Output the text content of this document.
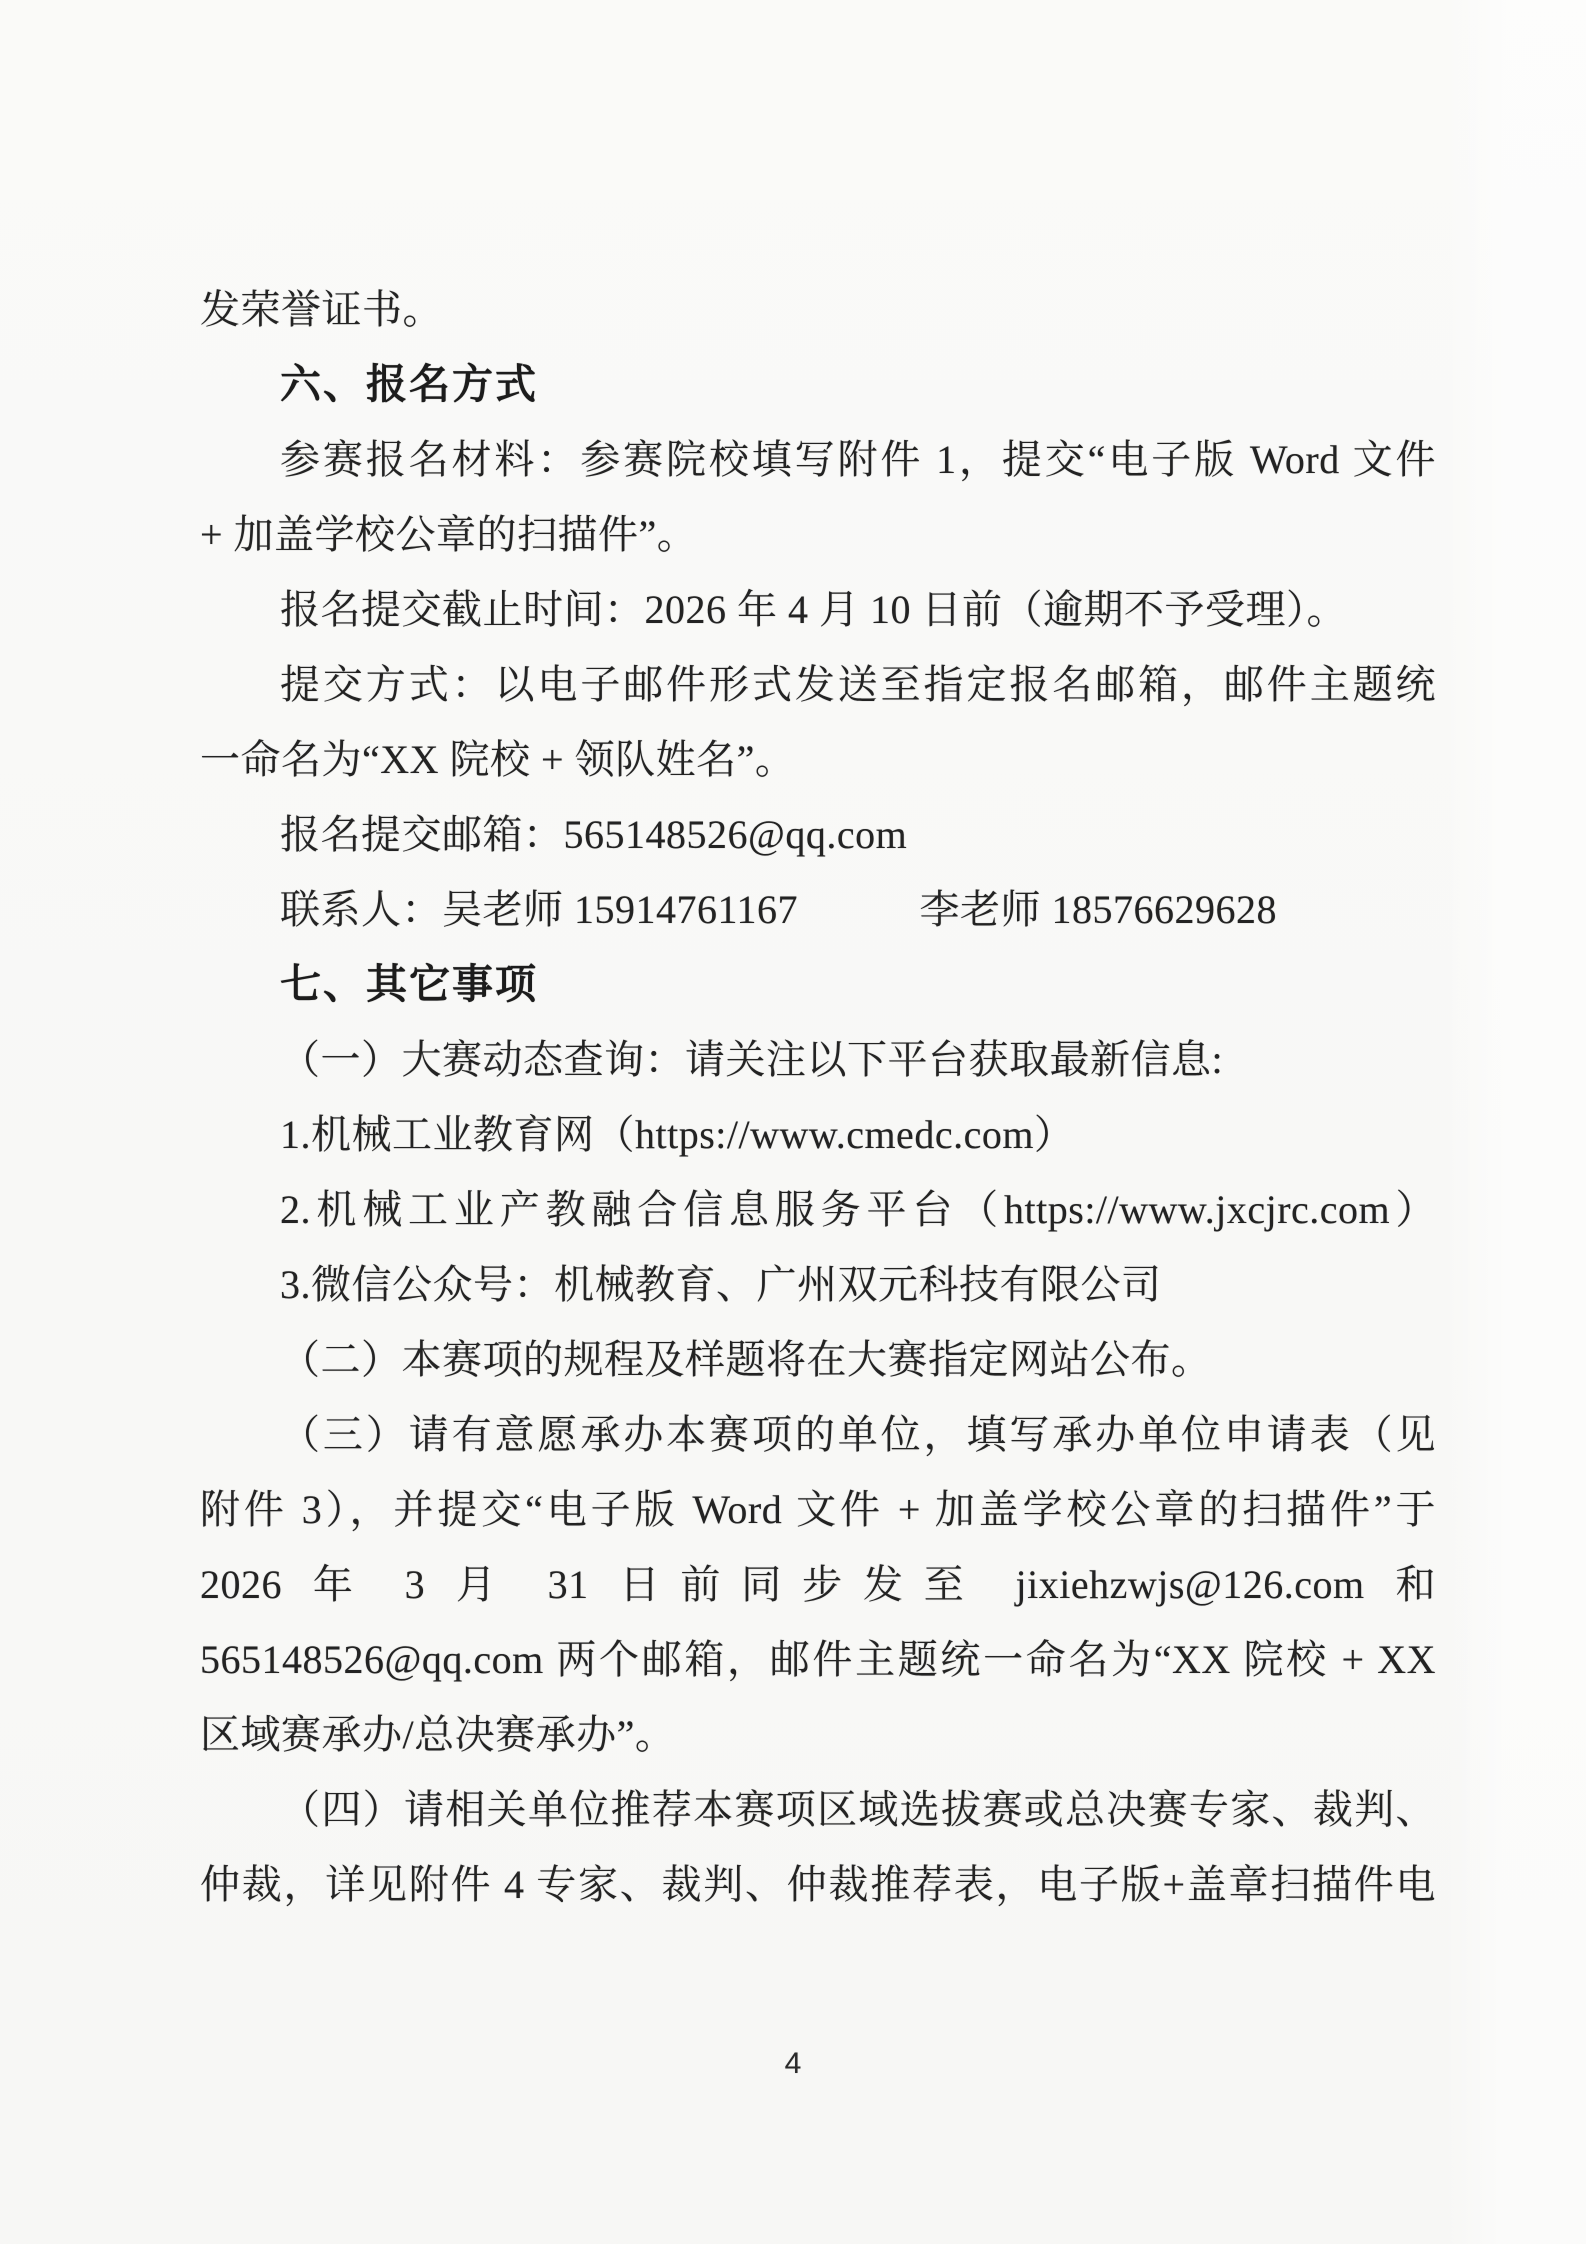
发荣誉证书。
六、报名方式
参赛报名材料：参赛院校填写附件 1，提交“电子版 Word 文件
+ 加盖学校公章的扫描件”。
报名提交截止时间：2026 年 4 月 10 日前（逾期不予受理）。
提交方式：以电子邮件形式发送至指定报名邮箱，邮件主题统
一命名为“XX 院校 + 领队姓名”。
报名提交邮箱：565148526@qq.com
联系人：吴老师 15914761167　　　李老师 18576629628
七、其它事项
（一）大赛动态查询：请关注以下平台获取最新信息:
1.机械工业教育网（https://www.cmedc.com）
2.机械工业产教融合信息服务平台（https://www.jxcjrc.com）
3.微信公众号：机械教育、广州双元科技有限公司
（二）本赛项的规程及样题将在大赛指定网站公布。
（三）请有意愿承办本赛项的单位，填写承办单位申请表（见
附件 3），并提交“电子版 Word 文件 + 加盖学校公章的扫描件”于
2026 年 3 月 31 日前同步发至 jixiehzwjs@126.com 和
565148526@qq.com 两个邮箱，邮件主题统一命名为“XX 院校 + XX
区域赛承办/总决赛承办”。
（四）请相关单位推荐本赛项区域选拔赛或总决赛专家、裁判、
仲裁，详见附件 4 专家、裁判、仲裁推荐表，电子版+盖章扫描件电
4
